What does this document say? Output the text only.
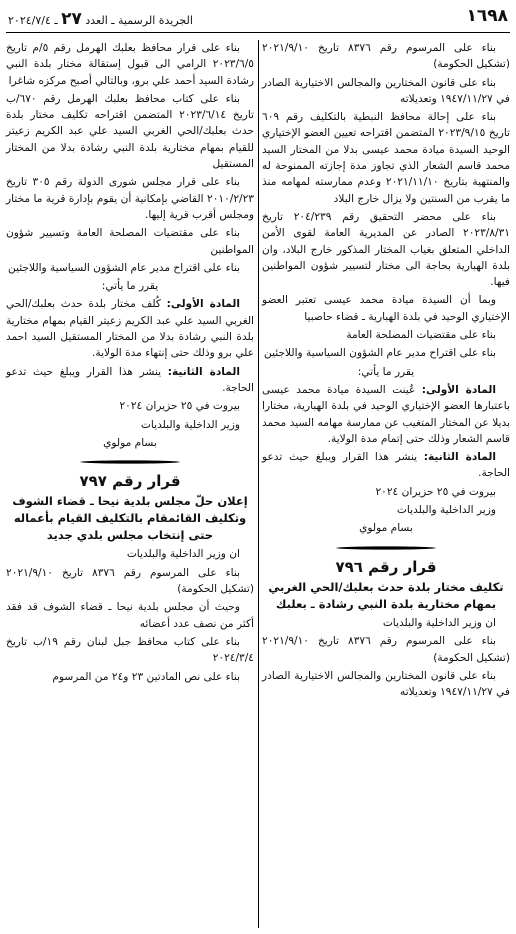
١٦٩٨
الجريدة الرسمية ـ العدد ٢٧ ـ ٢٠٢٤/٧/٤

بناء على المرسوم رقم ٨٣٧٦ تاريخ ٢٠٢١/٩/١٠ (تشكيل الحكومة)

بناء على قانون المختارين والمجالس الاختيارية الصادر في ١٩٤٧/١١/٢٧ وتعديلاته

بناء على إحالة محافظ النبطية بالتكليف رقم ٦٠٩ تاريخ ٢٠٢٣/٩/١٥ المتضمن اقتراحه تعيين العضو الإختياري الوحيد السيدة ميادة محمد عيسى بدلا من المختار السيد محمد قاسم الشعار الذي تجاوز مدة إجازته الممنوحة له والمنتهية بتاريخ ٢٠٢١/١١/١٠ وعدم ممارسته لمهامه منذ ما يقرب من السنتين ولا يزال خارج البلاد

بناء على محضر التحقيق رقم ٢٠٤/٢٣٩ تاريخ ٢٠٢٣/٨/٣١ الصادر عن المديرية العامة لقوى الأمن الداخلي المتعلق بغياب المختار المذكور خارج البلاد، وان بلدة الهبارية بحاجة الى مختار لتسيير شؤون المواطنين فيها.

وبما أن السيدة ميادة محمد عيسى تعتبر العضو الإختياري الوحيد في بلدة الهبارية ـ قضاء حاصبيا

بناء على مقتضيات المصلحة العامة

بناء على اقتراح مدير عام الشؤون السياسية واللاجئين

يقرر ما يأتي:

المادة الأولى: عُينت السيدة ميادة محمد عيسى باعتبارها العضو الإختياري الوحيد في بلدة الهبارية، مختارا بديلا عن المختار المتغيب عن ممارسة مهامه السيد محمد قاسم الشعار وذلك حتى إتمام مدة الولاية.

المادة الثانية: ينشر هذا القرار ويبلغ حيث تدعو الحاجة.

بيروت في ٢٥ حزيران ٢٠٢٤

وزير الداخلية والبلديات

بسام مولوي

قرار رقم ٧٩٦

تكليف مختار بلدة حدث بعلبك/الحي الغربي بمهام مختارية بلدة النبي رشادة ـ بعلبك

ان وزير الداخلية والبلديات

بناء على المرسوم رقم ٨٣٧٦ تاريخ ٢٠٢١/٩/١٠ (تشكيل الحكومة)

بناء على قانون المختارين والمجالس الاختيارية الصادر في ١٩٤٧/١١/٢٧ وتعديلاته

بناء على قرار محافظ بعلبك الهرمل رقم ٥/م تاريخ ٢٠٢٣/٦/٥ الرامي الى قبول إستقالة مختار بلدة النبي رشادة السيد أحمد علي برو، وبالتالي أصبح مركزه شاغرا

بناء على كتاب محافظ بعلبك الهرمل رقم ٦٧٠/ب تاريخ ٢٠٢٣/٦/١٤ المتضمن اقتراحه تكليف مختار بلدة حدث بعلبك/الحي الغربي السيد علي عبد الكريم زعيتر للقيام بمهام مختارية بلدة النبي رشادة بدلا من المختار المستقيل

بناء على قرار مجلس شورى الدولة رقم ٣٠٥ تاريخ ٢٠١٠/٢/٢٣ القاضي بإمكانية أن يقوم بإدارة قرية ما مختار ومجلس أقرب قرية إليها.

بناء على مقتضيات المصلحة العامة وتسيير شؤون المواطنين

بناء على اقتراح مدير عام الشؤون السياسية واللاجئين

يقرر ما يأتي:

المادة الأولى: كُلف مختار بلدة حدث بعلبك/الحي الغربي السيد علي عبد الكريم زعيتر القيام بمهام مختارية بلدة النبي رشادة بدلا من المختار المستقيل السيد احمد علي برو وذلك حتى إنتهاء مدة الولاية.

المادة الثانية: ينشر هذا القرار ويبلغ حيث تدعو الحاجة.

بيروت في ٢٥ حزيران ٢٠٢٤

وزير الداخلية والبلديات

بسام مولوي

قرار رقم ٧٩٧

إعلان حلّ مجلس بلدية نيحا ـ قضاء الشوف وتكليف القائمقام بالتكليف القيام بأعماله حتى إنتخاب مجلس بلدي جديد

ان وزير الداخلية والبلديات

بناء على المرسوم رقم ٨٣٧٦ تاريخ ٢٠٢١/٩/١٠ (تشكيل الحكومة)

وحيث أن مجلس بلدية نيحا ـ قضاء الشوف قد فقد أكثر من نصف عدد أعضائه

بناء على كتاب محافظ جبل لبنان رقم ١٩/ب تاريخ ٢٠٢٤/٣/٤

بناء على نص المادتين ٢٣ و٢٤ من المرسوم
